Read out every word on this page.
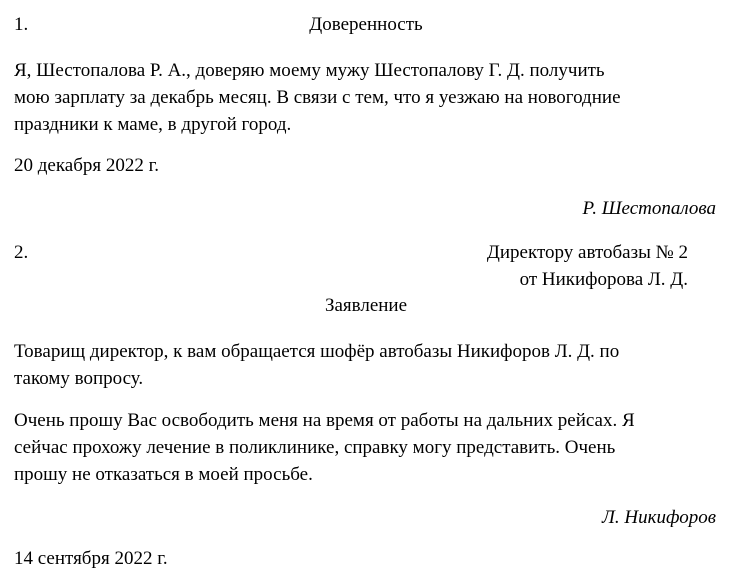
1.	Доверенность
Я, Шестопалова Р. А., доверяю моему мужу Шестопалову Г. Д. получить
мою зарплату за декабрь месяц. В связи с тем, что я уезжаю на новогодние
праздники к маме, в другой город.
20 декабря 2022 г.
Р. Шестопалова
2.	Директору автобазы № 2
от Никифорова Л. Д.
Заявление
Товарищ директор, к вам обращается шофёр автобазы Никифоров Л. Д. по
такому вопросу.
Очень прошу Вас освободить меня на время от работы на дальних рейсах. Я
сейчас прохожу лечение в поликлинике, справку могу представить. Очень
прошу не отказаться в моей просьбе.
Л. Никифоров
14 сентября 2022 г.
